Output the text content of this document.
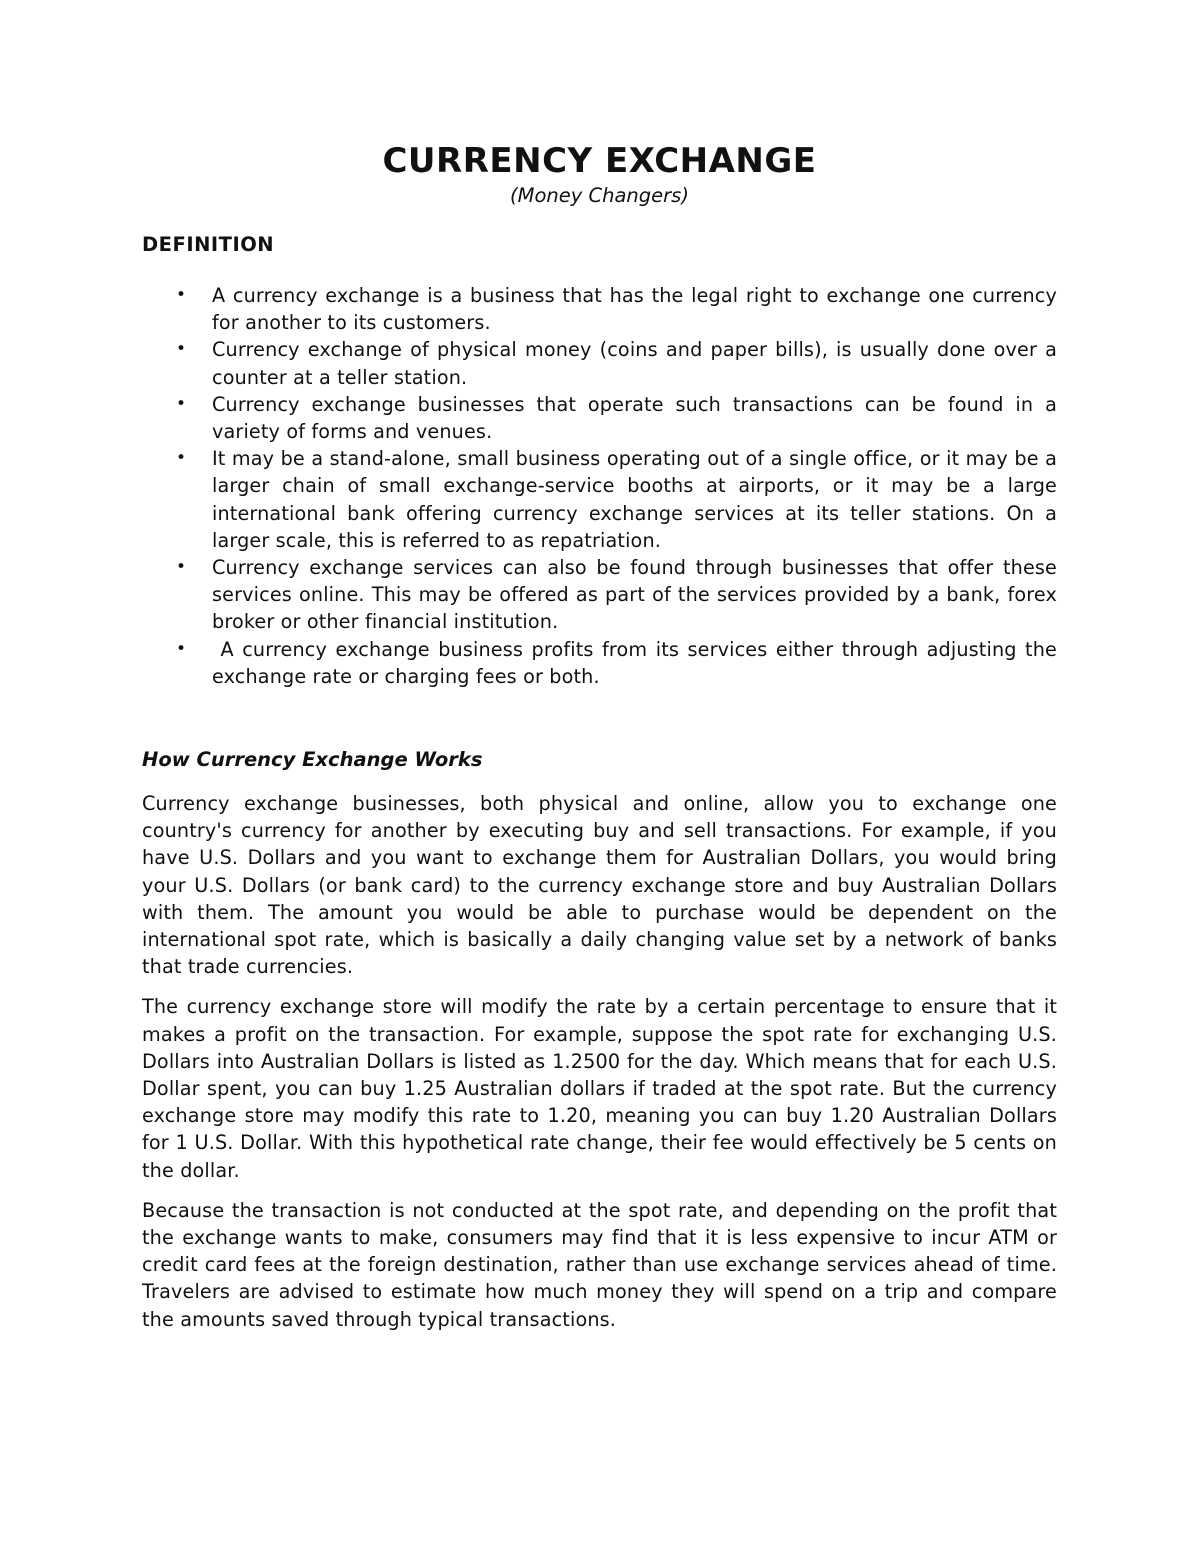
CURRENCY EXCHANGE

(Money Changers)

DEFINITION
• A currency exchange is a business that has the legal right to exchange one currency for another to its customers.
• Currency exchange of physical money (coins and paper bills), is usually done over a counter at a teller station.
• Currency exchange businesses that operate such transactions can be found in a variety of forms and venues.
• It may be a stand-alone, small business operating out of a single office, or it may be a larger chain of small exchange-service booths at airports, or it may be a large international bank offering currency exchange services at its teller stations. On a larger scale, this is referred to as repatriation.
• Currency exchange services can also be found through businesses that offer these services online. This may be offered as part of the services provided by a bank, forex broker or other financial institution.
• A currency exchange business profits from its services either through adjusting the exchange rate or charging fees or both.
How Currency Exchange Works

Currency exchange businesses, both physical and online, allow you to exchange one country's currency for another by executing buy and sell transactions. For example, if you have U.S. Dollars and you want to exchange them for Australian Dollars, you would bring your U.S. Dollars (or bank card) to the currency exchange store and buy Australian Dollars with them. The amount you would be able to purchase would be dependent on the international spot rate, which is basically a daily changing value set by a network of banks that trade currencies.

The currency exchange store will modify the rate by a certain percentage to ensure that it makes a profit on the transaction. For example, suppose the spot rate for exchanging U.S. Dollars into Australian Dollars is listed as 1.2500 for the day. Which means that for each U.S. Dollar spent, you can buy 1.25 Australian dollars if traded at the spot rate. But the currency exchange store may modify this rate to 1.20, meaning you can buy 1.20 Australian Dollars for 1 U.S. Dollar. With this hypothetical rate change, their fee would effectively be 5 cents on the dollar.

Because the transaction is not conducted at the spot rate, and depending on the profit that the exchange wants to make, consumers may find that it is less expensive to incur ATM or credit card fees at the foreign destination, rather than use exchange services ahead of time. Travelers are advised to estimate how much money they will spend on a trip and compare the amounts saved through typical transactions.
